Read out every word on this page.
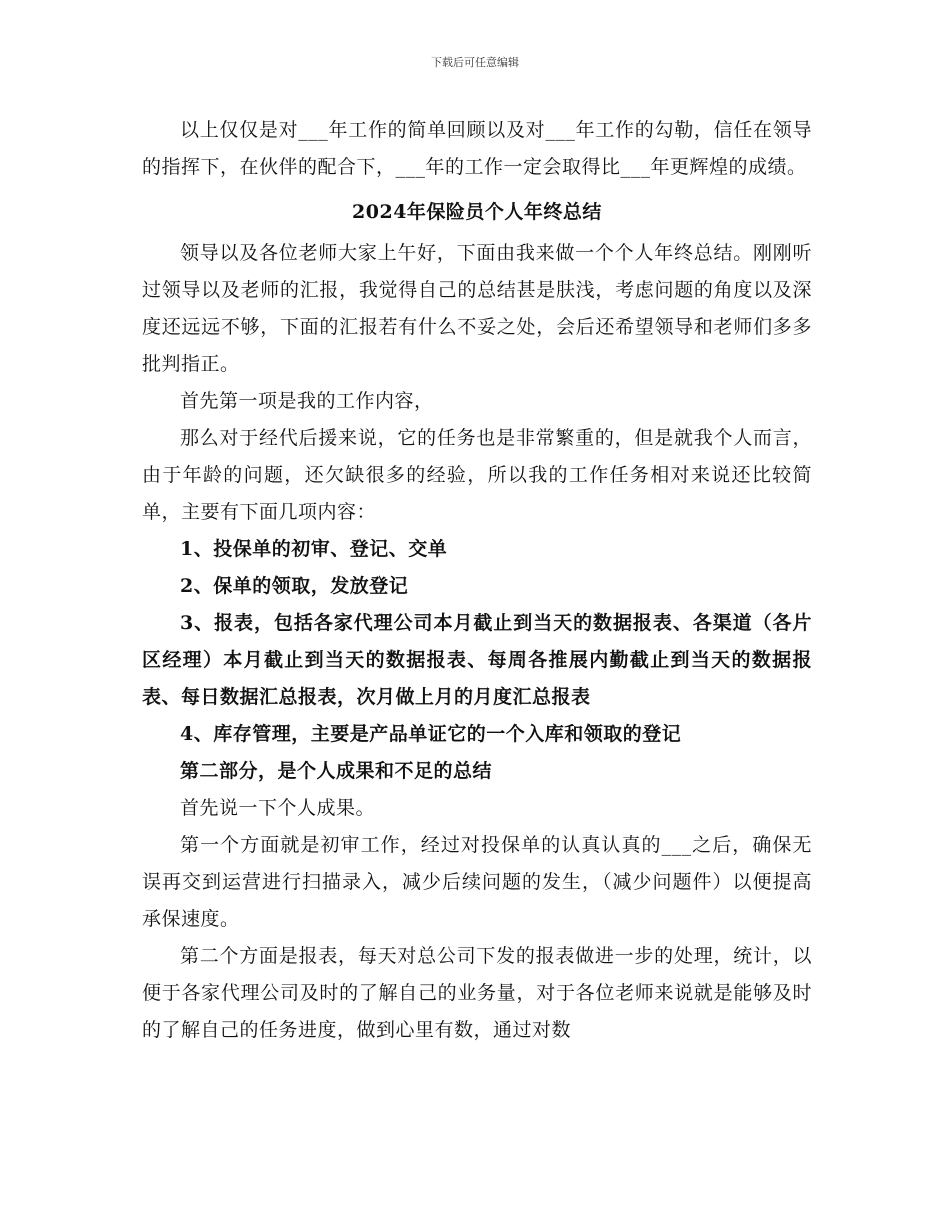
下载后可任意编辑

以上仅仅是对___年工作的简单回顾以及对___年工作的勾勒，信任在领导的指挥下，在伙伴的配合下，___年的工作一定会取得比___年更辉煌的成绩。

2024年保险员个人年终总结

领导以及各位老师大家上午好，下面由我来做一个个人年终总结。刚刚听过领导以及老师的汇报，我觉得自己的总结甚是肤浅，考虑问题的角度以及深度还远远不够，下面的汇报若有什么不妥之处，会后还希望领导和老师们多多批判指正。

首先第一项是我的工作内容，

那么对于经代后援来说，它的任务也是非常繁重的，但是就我个人而言，由于年龄的问题，还欠缺很多的经验，所以我的工作任务相对来说还比较简单，主要有下面几项内容：

1、投保单的初审、登记、交单

2、保单的领取，发放登记

3、报表，包括各家代理公司本月截止到当天的数据报表、各渠道（各片区经理）本月截止到当天的数据报表、每周各推展内勤截止到当天的数据报表、每日数据汇总报表，次月做上月的月度汇总报表

4、库存管理，主要是产品单证它的一个入库和领取的登记

第二部分，是个人成果和不足的总结

首先说一下个人成果。

第一个方面就是初审工作，经过对投保单的认真认真的___之后，确保无误再交到运营进行扫描录入，减少后续问题的发生，（减少问题件）以便提高承保速度。

第二个方面是报表，每天对总公司下发的报表做进一步的处理，统计，以便于各家代理公司及时的了解自己的业务量，对于各位老师来说就是能够及时的了解自己的任务进度，做到心里有数，通过对数
